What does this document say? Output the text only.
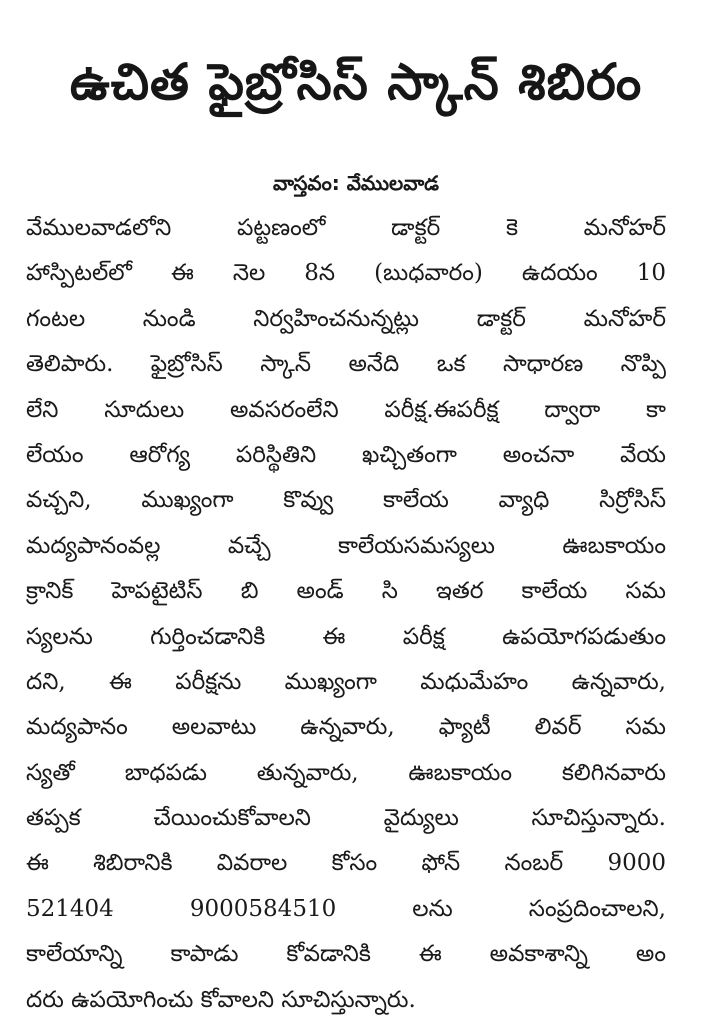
ఉచిత ఫైబ్రోసిస్ స్కాన్ శిబిరం
వాస్తవం: వేములవాడ
వేములవాడలోని పట్టణంలో డాక్టర్ కె మనోహర్
హాస్పిటల్‌లో ఈ నెల 8న (బుధవారం) ఉదయం 10
గంటల నుండి నిర్వహించనున్నట్లు డాక్టర్ మనోహర్
తెలిపారు. ఫైబ్రోసిస్ స్కాన్ అనేది ఒక సాధారణ నొప్పి
లేని సూదులు అవసరంలేని పరీక్ష.ఈపరీక్ష ద్వారా కా
లేయం ఆరోగ్య పరిస్థితిని ఖచ్చితంగా అంచనా వేయ
వచ్చని, ముఖ్యంగా కొవ్వు కాలేయ వ్యాధి సిర్రోసిస్
మద్యపానంవల్ల వచ్చే కాలేయసమస్యలు ఊబకాయం
క్రానిక్ హెపటైటిస్ బి అండ్ సి ఇతర కాలేయ సమ
స్యలను గుర్తించడానికి ఈ పరీక్ష ఉపయోగపడుతుం
దని, ఈ పరీక్షను ముఖ్యంగా మధుమేహం ఉన్నవారు,
మద్యపానం అలవాటు ఉన్నవారు, ఫ్యాటీ లివర్ సమ
స్యతో బాధపడు తున్నవారు, ఊబకాయం కలిగినవారు
తప్పక చేయించుకోవాలని వైద్యులు సూచిస్తున్నారు.
ఈ శిబిరానికి వివరాల కోసం ఫోన్ నంబర్ 9000
521404 9000584510 లను సంప్రదించాలని,
కాలేయాన్ని కాపాడు కోవడానికి ఈ అవకాశాన్ని అం
దరు ఉపయోగించు కోవాలని సూచిస్తున్నారు.
